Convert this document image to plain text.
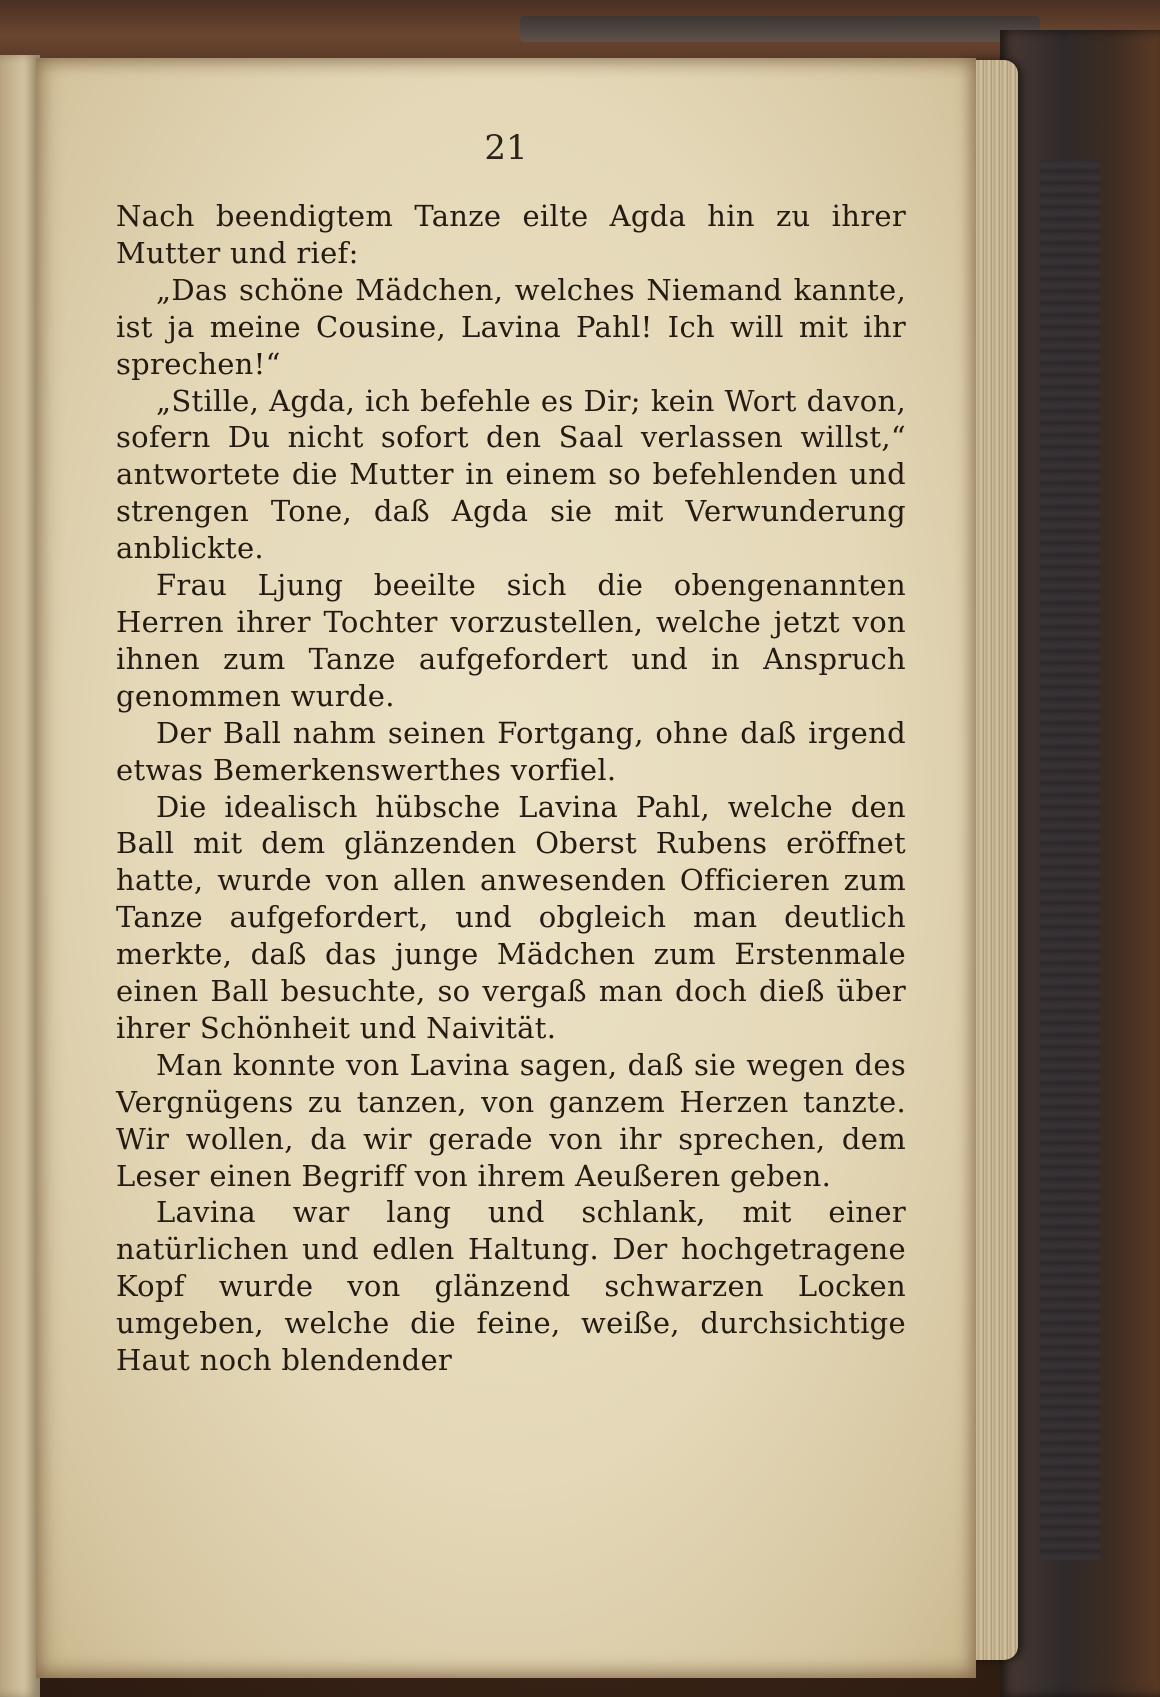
21

Nach beendigtem Tanze eilte Agda hin zu ihrer Mutter und rief:

„Das schöne Mädchen, welches Niemand kannte, ist ja meine Cousine, Lavina Pahl! Ich will mit ihr sprechen!“

„Stille, Agda, ich befehle es Dir; kein Wort davon, sofern Du nicht sofort den Saal verlassen willst,“ antwortete die Mutter in einem so befehlenden und strengen Tone, daß Agda sie mit Verwunderung anblickte.

Frau Ljung beeilte sich die obengenannten Herren ihrer Tochter vorzustellen, welche jetzt von ihnen zum Tanze aufgefordert und in Anspruch genommen wurde.

Der Ball nahm seinen Fortgang, ohne daß irgend etwas Bemerkenswerthes vorfiel.

Die idealisch hübsche Lavina Pahl, welche den Ball mit dem glänzenden Oberst Rubens eröffnet hatte, wurde von allen anwesenden Officieren zum Tanze aufgefordert, und obgleich man deutlich merkte, daß das junge Mädchen zum Erstenmale einen Ball besuchte, so vergaß man doch dieß über ihrer Schönheit und Naivität.

Man konnte von Lavina sagen, daß sie wegen des Vergnügens zu tanzen, von ganzem Herzen tanzte. Wir wollen, da wir gerade von ihr sprechen, dem Leser einen Begriff von ihrem Aeußeren geben.

Lavina war lang und schlank, mit einer natürlichen und edlen Haltung. Der hochgetragene Kopf wurde von glänzend schwarzen Locken umgeben, welche die feine, weiße, durchsichtige Haut noch blendender
